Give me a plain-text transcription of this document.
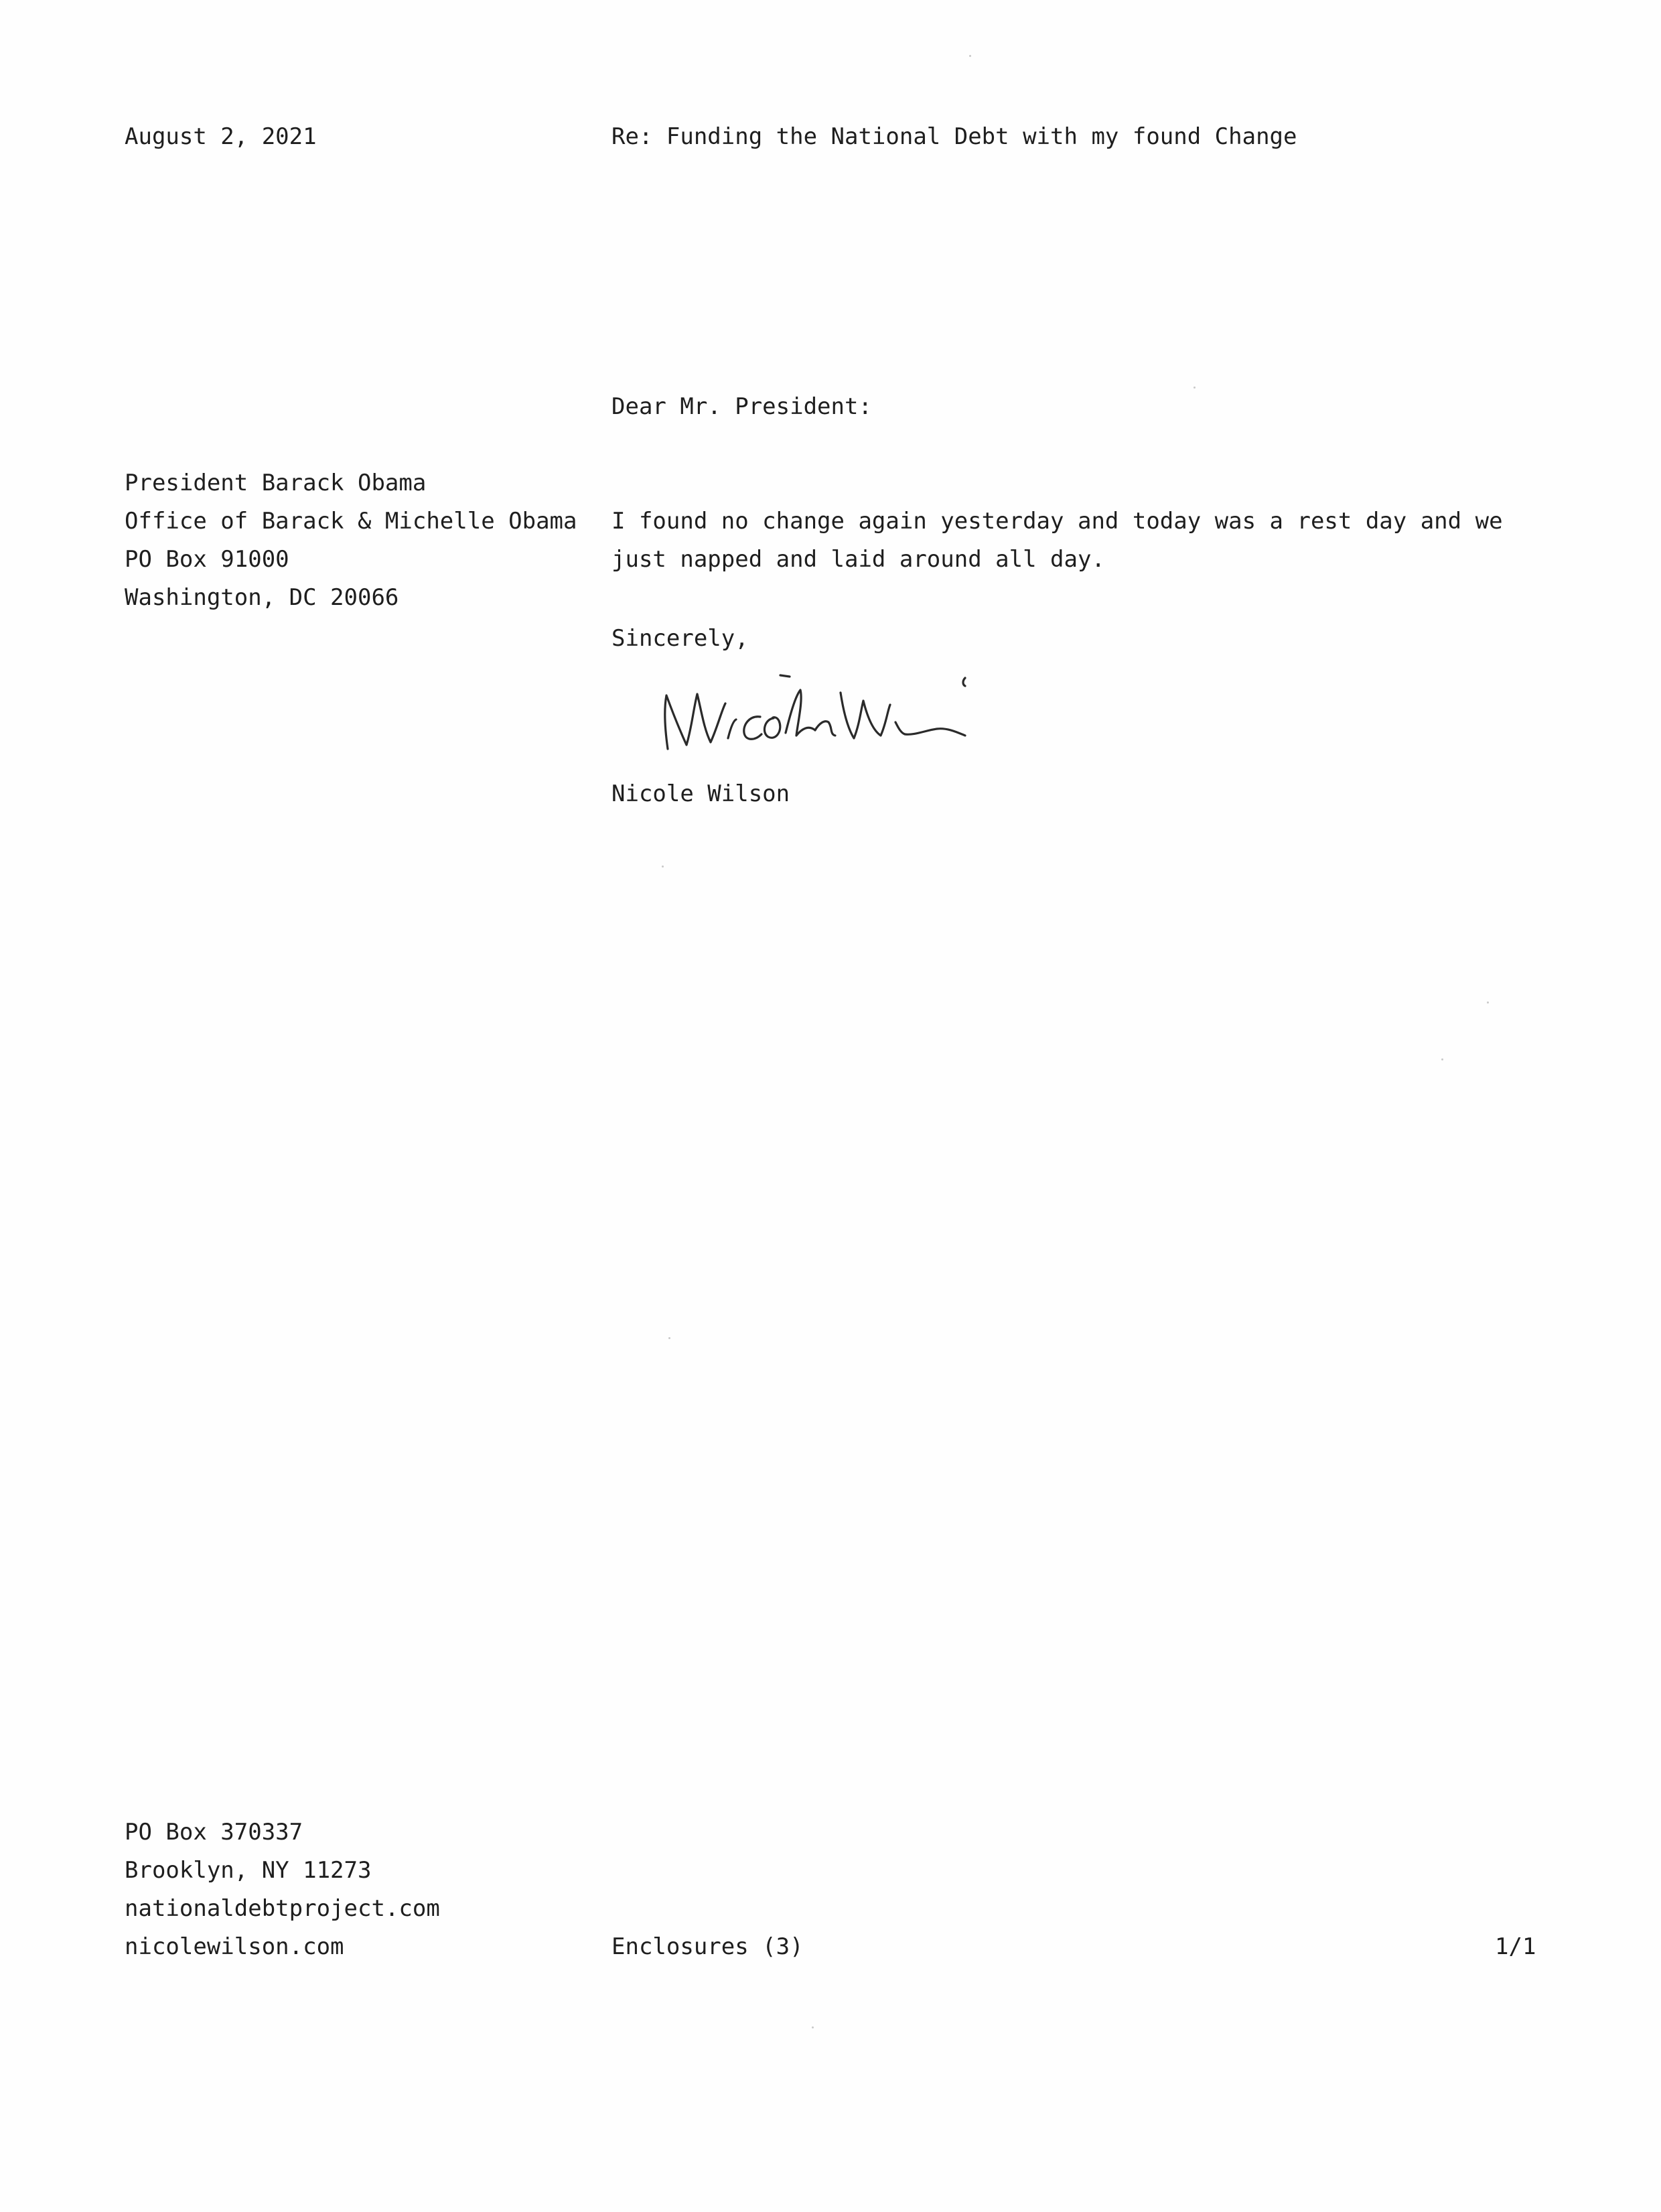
August 2, 2021	Re: Funding the National Debt with my found Change
Dear Mr. President:
President Barack Obama
Office of Barack & Michelle Obama
PO Box 91000
Washington, DC 20066
I found no change again yesterday and today was a rest day and we
just napped and laid around all day.
Sincerely,
Nicole Wilson
PO Box 370337
Brooklyn, NY 11273
nationaldebtproject.com
nicolewilson.com	Enclosures (3)	1/1
